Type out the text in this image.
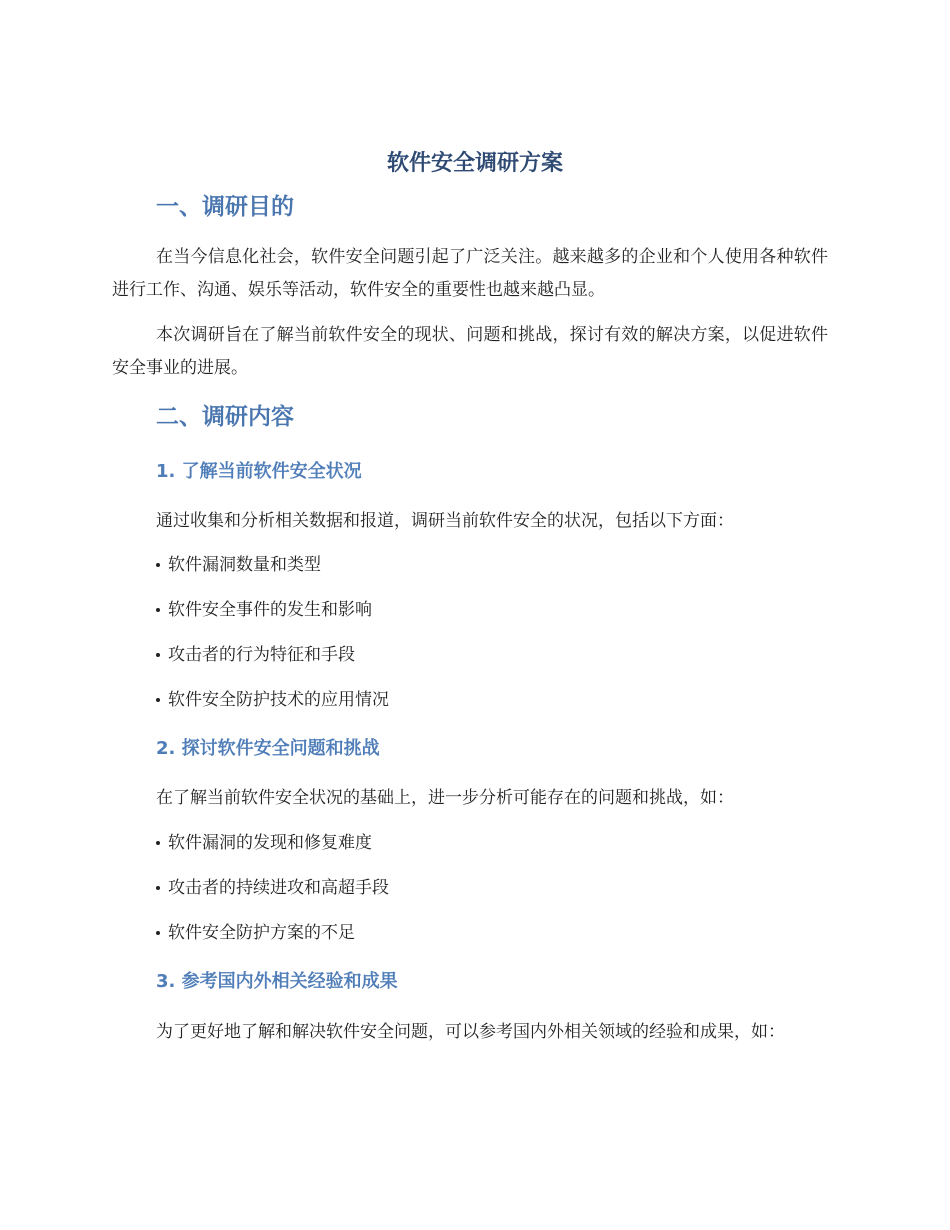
软件安全调研方案
一、调研目的

在当今信息化社会，软件安全问题引起了广泛关注。越来越多的企业和个人使用各种软件进行工作、沟通、娱乐等活动，软件安全的重要性也越来越凸显。

本次调研旨在了解当前软件安全的现状、问题和挑战，探讨有效的解决方案，以促进软件安全事业的进展。

二、调研内容
1. 了解当前软件安全状况
通过收集和分析相关数据和报道，调研当前软件安全的状况，包括以下方面：
软件漏洞数量和类型
软件安全事件的发生和影响
攻击者的行为特征和手段
软件安全防护技术的应用情况
2. 探讨软件安全问题和挑战
在了解当前软件安全状况的基础上，进一步分析可能存在的问题和挑战，如：
软件漏洞的发现和修复难度
攻击者的持续进攻和高超手段
软件安全防护方案的不足
3. 参考国内外相关经验和成果

为了更好地了解和解决软件安全问题，可以参考国内外相关领域的经验和成果，如：
